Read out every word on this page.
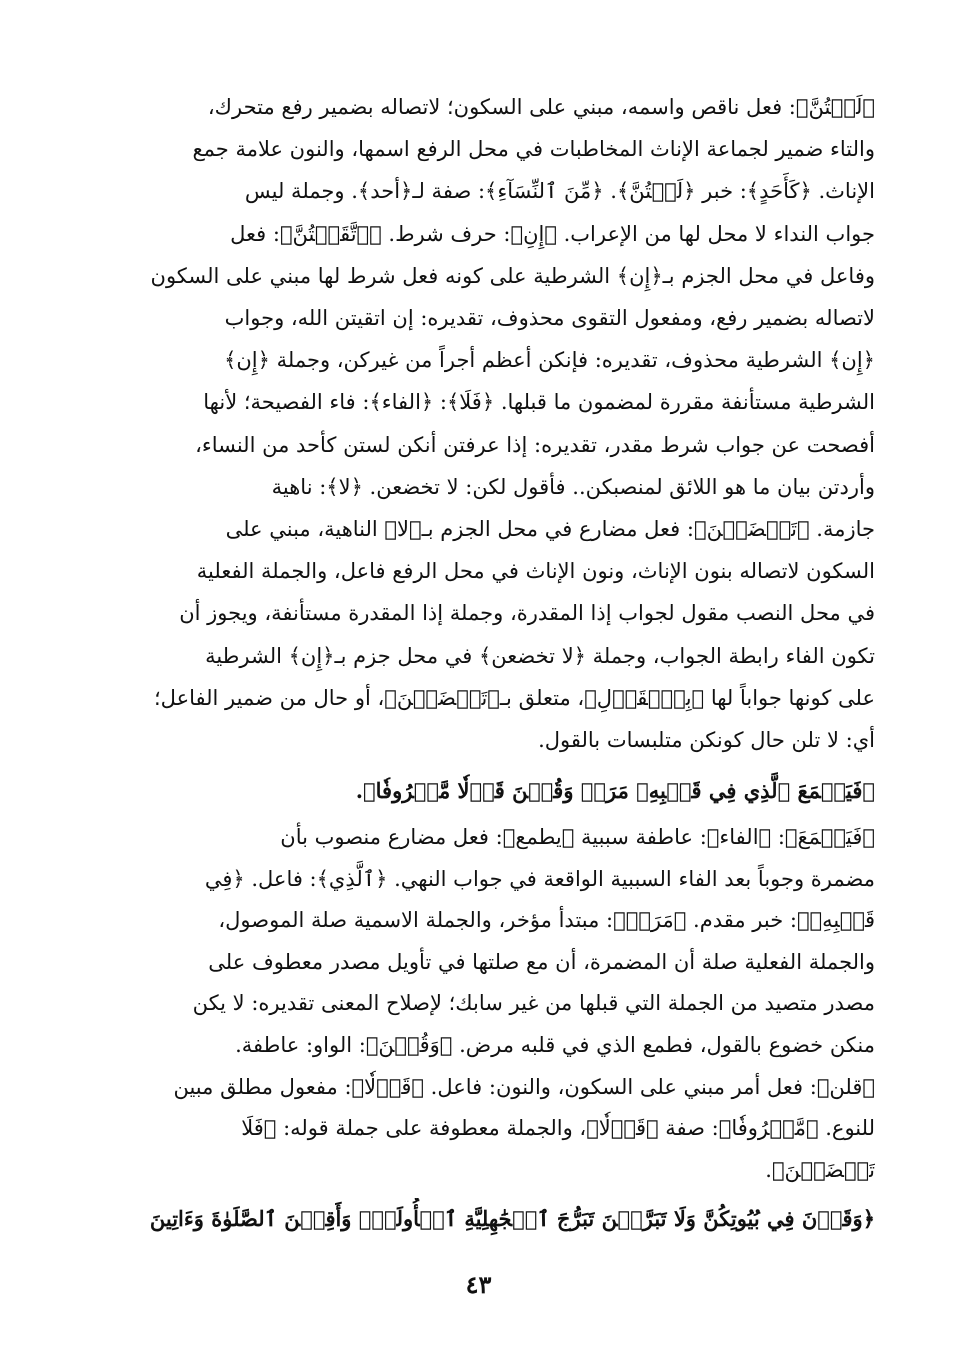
﴿لَسۡتُنَّ﴾: فعل ناقص واسمه، مبني على السكون؛ لاتصاله بضمير رفع متحرك،
والتاء ضمير لجماعة الإناث المخاطبات في محل الرفع اسمها، والنون علامة جمع
الإناث. ﴿كَأَحَدٍ﴾: خبر ﴿لَسۡتُنَّ﴾. ﴿مِّنَ ٱلنِّسَآءِ﴾: صفة لـ﴿أحد﴾. وجملة ليس
جواب النداء لا محل لها من الإعراب. ﴿إِنِ﴾: حرف شرط. ﴿ٱتَّقَيۡتُنَّ﴾: فعل
وفاعل في محل الجزم بـ﴿إِن﴾ الشرطية على كونه فعل شرط لها مبني على السكون
لاتصاله بضمير رفع، ومفعول التقوى محذوف، تقديره: إن اتقيتن الله، وجواب
﴿إِن﴾ الشرطية محذوف، تقديره: فإنكن أعظم أجراً من غيركن، وجملة ﴿إِن﴾
الشرطية مستأنفة مقررة لمضمون ما قبلها. ﴿فَلَا﴾: ﴿الفاء﴾: فاء الفصيحة؛ لأنها
أفصحت عن جواب شرط مقدر، تقديره: إذا عرفتن أنكن لستن كأحد من النساء،
وأردتن بيان ما هو اللائق لمنصبكن.. فأقول لكن: لا تخضعن. ﴿لا﴾: ناهية
جازمة. ﴿تَخۡضَعۡنَ﴾: فعل مضارع في محل الجزم بـ﴿لا﴾ الناهية، مبني على
السكون لاتصاله بنون الإناث، ونون الإناث في محل الرفع فاعل، والجملة الفعلية
في محل النصب مقول لجواب إذا المقدرة، وجملة إذا المقدرة مستأنفة، ويجوز أن
تكون الفاء رابطة الجواب، وجملة ﴿لا تخضعن﴾ في محل جزم بـ﴿إِن﴾ الشرطية
على كونها جواباً لها ﴿بِٱلۡقَوۡلِ﴾، متعلق بـ﴿تَخۡضَعۡنَ﴾، أو حال من ضمير الفاعل؛
أي: لا تلن حال كونكن متلبسات بالقول.
﴿فَيَطۡمَعَ ٱلَّذِي فِي قَلۡبِهِۦ مَرَضٞ وَقُلۡنَ قَوۡلٗا مَّعۡرُوفٗا﴾.
﴿فَيَطۡمَعَ﴾: ﴿الفاء﴾: عاطفة سببية ﴿يطمع﴾: فعل مضارع منصوب بأن
مضمرة وجوباً بعد الفاء السببية الواقعة في جواب النهي. ﴿ٱلَّذِي﴾: فاعل. ﴿فِي
قَلۡبِهِۦ﴾: خبر مقدم. ﴿مَرَضٞ﴾: مبتدأ مؤخر، والجملة الاسمية صلة الموصول،
والجملة الفعلية صلة أن المضمرة، أن مع صلتها في تأويل مصدر معطوف على
مصدر متصيد من الجملة التي قبلها من غير سابك؛ لإصلاح المعنى تقديره: لا يكن
منكن خضوع بالقول، فطمع الذي في قلبه مرض. ﴿وَقُلۡنَ﴾: الواو: عاطفة.
﴿قلن﴾: فعل أمر مبني على السكون، والنون: فاعل. ﴿قَوۡلٗا﴾: مفعول مطلق مبين
للنوع. ﴿مَّعۡرُوفٗا﴾: صفة ﴿قَوۡلٗا﴾، والجملة معطوفة على جملة قوله: ﴿فَلَا
تَخۡضَعۡنَ﴾.
﴿وَقَرۡنَ فِي بُيُوتِكُنَّ وَلَا تَبَرَّجۡنَ تَبَرُّجَ ٱلۡجَٰهِلِيَّةِ ٱلۡأُولَىٰۖ وَأَقِمۡنَ ٱلصَّلَوٰةَ وَءَاتِينَ
٤٣
